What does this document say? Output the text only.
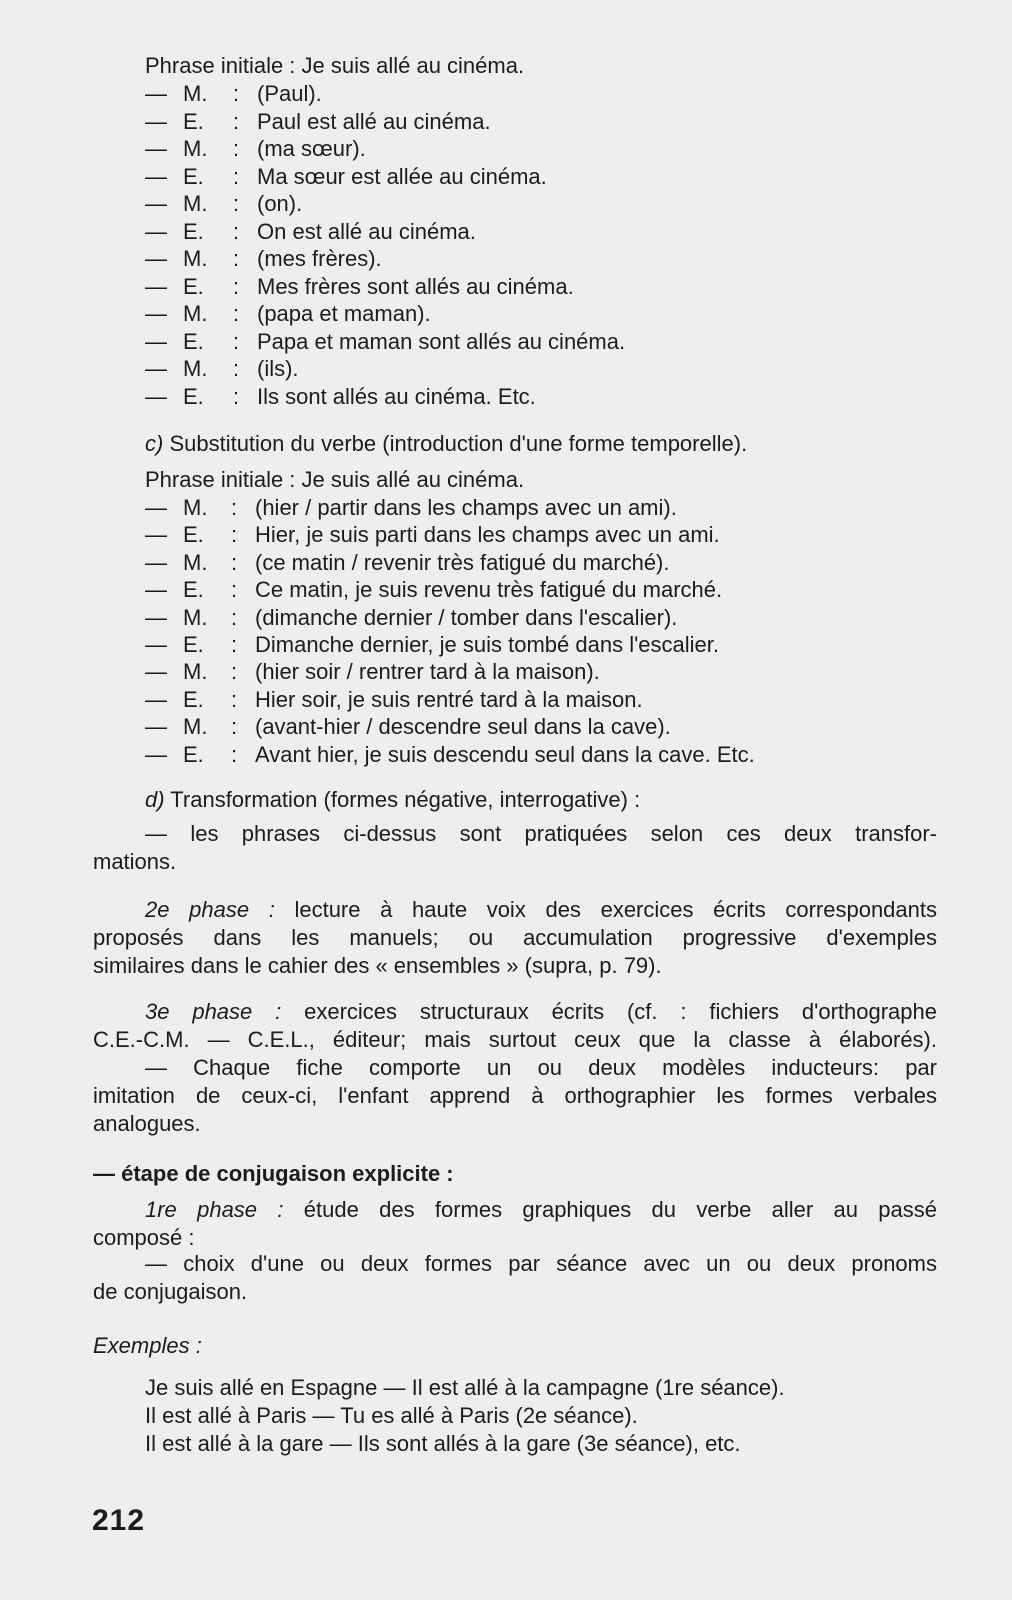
Phrase initiale : Je suis allé au cinéma.
— M. : (Paul).
— E. : Paul est allé au cinéma.
— M. : (ma sœur).
— E. : Ma sœur est allée au cinéma.
— M. : (on).
— E. : On est allé au cinéma.
— M. : (mes frères).
— E. : Mes frères sont allés au cinéma.
— M. : (papa et maman).
— E. : Papa et maman sont allés au cinéma.
— M. : (ils).
— E. : Ils sont allés au cinéma. Etc.
c) Substitution du verbe (introduction d'une forme temporelle).
Phrase initiale : Je suis allé au cinéma.
— M. : (hier / partir dans les champs avec un ami).
— E. : Hier, je suis parti dans les champs avec un ami.
— M. : (ce matin / revenir très fatigué du marché).
— E. : Ce matin, je suis revenu très fatigué du marché.
— M. : (dimanche dernier / tomber dans l'escalier).
— E. : Dimanche dernier, je suis tombé dans l'escalier.
— M. : (hier soir / rentrer tard à la maison).
— E. : Hier soir, je suis rentré tard à la maison.
— M. : (avant-hier / descendre seul dans la cave).
— E. : Avant hier, je suis descendu seul dans la cave. Etc.
d) Transformation (formes négative, interrogative) :
— les phrases ci-dessus sont pratiquées selon ces deux transfor-
mations.
2e phase : lecture à haute voix des exercices écrits correspondants
proposés dans les manuels; ou accumulation progressive d'exemples
similaires dans le cahier des « ensembles » (supra, p. 79).
3e phase : exercices structuraux écrits (cf. : fichiers d'orthographe
C.E.-C.M. — C.E.L., éditeur; mais surtout ceux que la classe à élaborés).
— Chaque fiche comporte un ou deux modèles inducteurs: par
imitation de ceux-ci, l'enfant apprend à orthographier les formes verbales
analogues.
— étape de conjugaison explicite :
1re phase : étude des formes graphiques du verbe aller au passé
composé :
— choix d'une ou deux formes par séance avec un ou deux pronoms
de conjugaison.
Exemples :
Je suis allé en Espagne — Il est allé à la campagne (1re séance).
Il est allé à Paris — Tu es allé à Paris (2e séance).
Il est allé à la gare — Ils sont allés à la gare (3e séance), etc.
212
